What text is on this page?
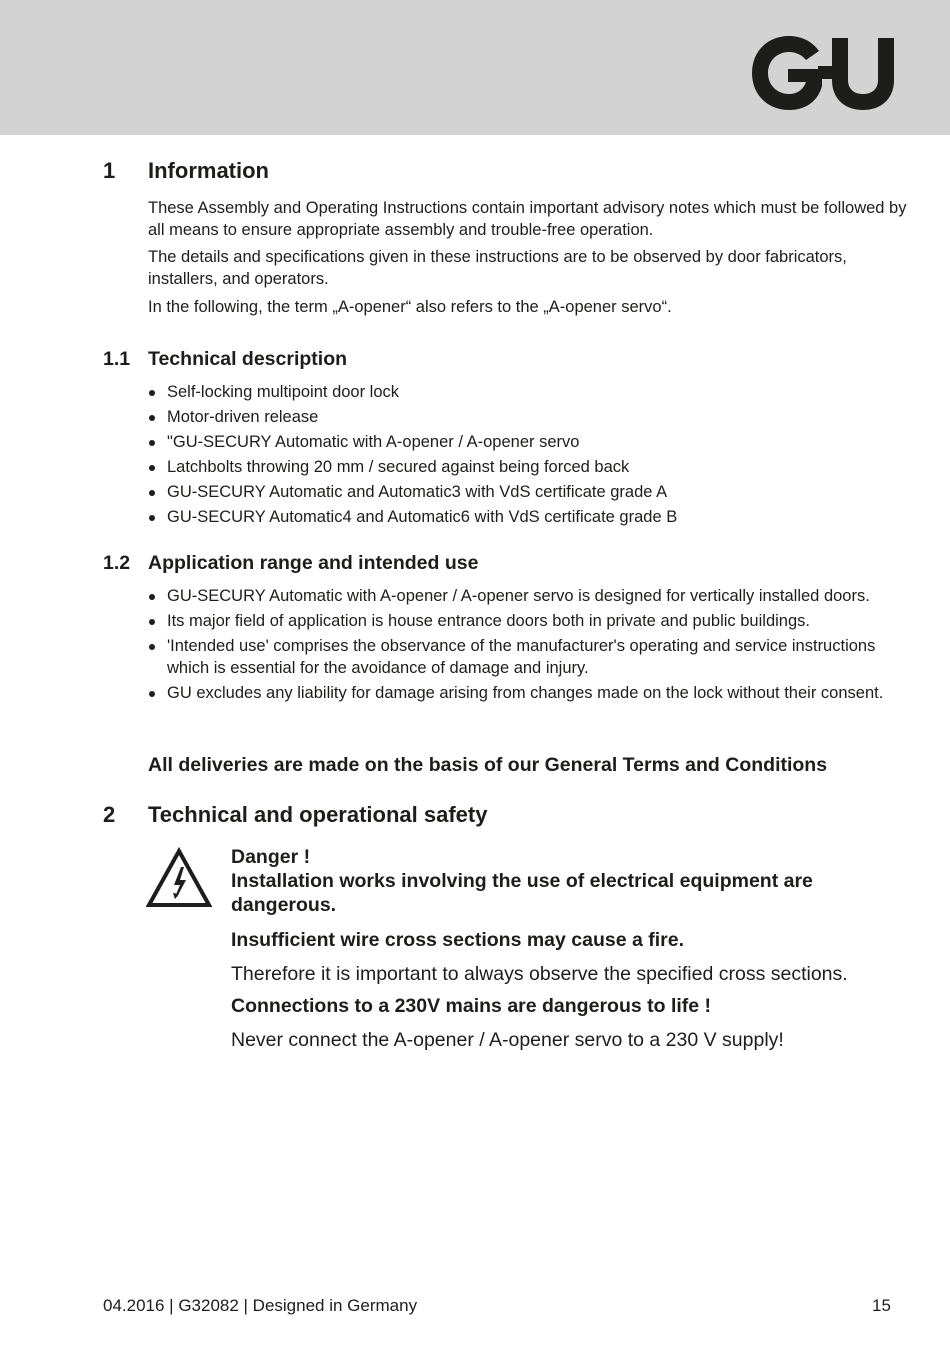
G-U
1 Information
These Assembly and Operating Instructions contain important advisory notes which must be followed by all means to ensure appropriate assembly and trouble-free operation.
The details and specifications given in these instructions are to be observed by door fabricators, installers, and operators.
In the following, the term „A-opener“ also refers to the „A-opener servo“.
1.1 Technical description
Self-locking multipoint door lock
Motor-driven release
"GU-SECURY Automatic with A-opener / A-opener servo
Latchbolts throwing 20 mm / secured against being forced back
GU-SECURY Automatic and Automatic3 with VdS certificate grade A
GU-SECURY Automatic4 and Automatic6 with VdS certificate grade B
1.2 Application range and intended use
GU-SECURY Automatic with A-opener / A-opener servo is designed for vertically installed doors.
Its major field of application is house entrance doors both in private and public buildings.
'Intended use' comprises the observance of the manufacturer's operating and service instructions which is essential for the avoidance of damage and injury.
GU excludes any liability for damage arising from changes made on the lock without their consent.
All deliveries are made on the basis of our General Terms and Conditions
2 Technical and operational safety
Danger !
Installation works involving the use of electrical equipment are dangerous.
Insufficient wire cross sections may cause a fire.
Therefore it is important to always observe the specified cross sections.
Connections to a 230V mains are dangerous to life !
Never connect the A-opener / A-opener servo to a 230 V supply!
04.2016 | G32082 | Designed in Germany	15
